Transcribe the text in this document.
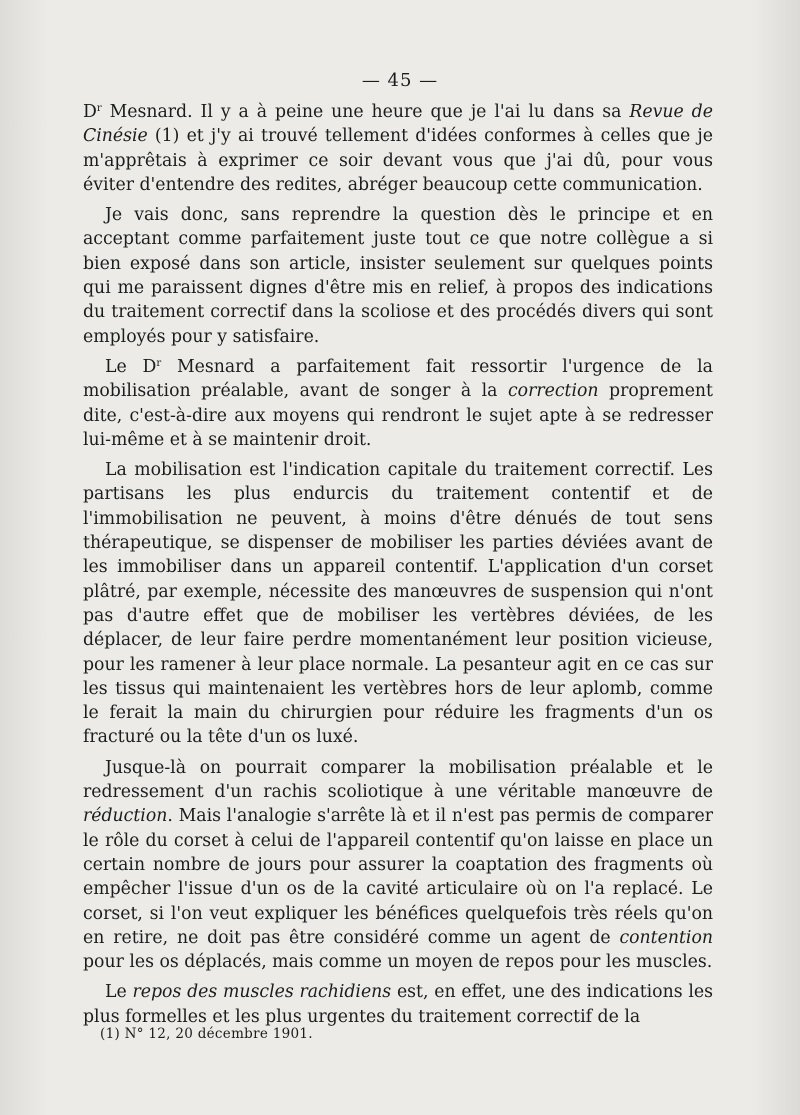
— 45 —

$D^r$ Mesnard. Il y a à peine une heure que je l'ai lu dans sa Revue de Cinésie (1) et j'y ai trouvé tellement d'idées conformes à celles que je m'apprêtais à exprimer ce soir devant vous que j'ai dû, pour vous éviter d'entendre des redites, abréger beaucoup cette communication.

Je vais donc, sans reprendre la question dès le principe et en acceptant comme parfaitement juste tout ce que notre collègue a si bien exposé dans son article, insister seulement sur quelques points qui me paraissent dignes d'être mis en relief, à propos des indications du traitement correctif dans la scoliose et des procédés divers qui sont employés pour y satisfaire.

Le $D^r$ Mesnard a parfaitement fait ressortir l'urgence de la mobilisation préalable, avant de songer à la correction proprement dite, c'est-à-dire aux moyens qui rendront le sujet apte à se redresser lui-même et à se maintenir droit.

La mobilisation est l'indication capitale du traitement correctif. Les partisans les plus endurcis du traitement contentif et de l'immobilisation ne peuvent, à moins d'être dénués de tout sens thérapeutique, se dispenser de mobiliser les parties déviées avant de les immobiliser dans un appareil contentif. L'application d'un corset plâtré, par exemple, nécessite des manœuvres de suspension qui n'ont pas d'autre effet que de mobiliser les vertèbres déviées, de les déplacer, de leur faire perdre momentanément leur position vicieuse, pour les ramener à leur place normale. La pesanteur agit en ce cas sur les tissus qui maintenaient les vertèbres hors de leur aplomb, comme le ferait la main du chirurgien pour réduire les fragments d'un os fracturé ou la tête d'un os luxé.

Jusque-là on pourrait comparer la mobilisation préalable et le redressement d'un rachis scoliotique à une véritable manœuvre de réduction. Mais l'analogie s'arrête là et il n'est pas permis de comparer le rôle du corset à celui de l'appareil contentif qu'on laisse en place un certain nombre de jours pour assurer la coaptation des fragments où empêcher l'issue d'un os de la cavité articulaire où on l'a replacé. Le corset, si l'on veut expliquer les bénéfices quelquefois très réels qu'on en retire, ne doit pas être considéré comme un agent de contention pour les os déplacés, mais comme un moyen de repos pour les muscles.

Le repos des muscles rachidiens est, en effet, une des indications les plus formelles et les plus urgentes du traitement correctif de la

(1) N° 12, 20 décembre 1901.
